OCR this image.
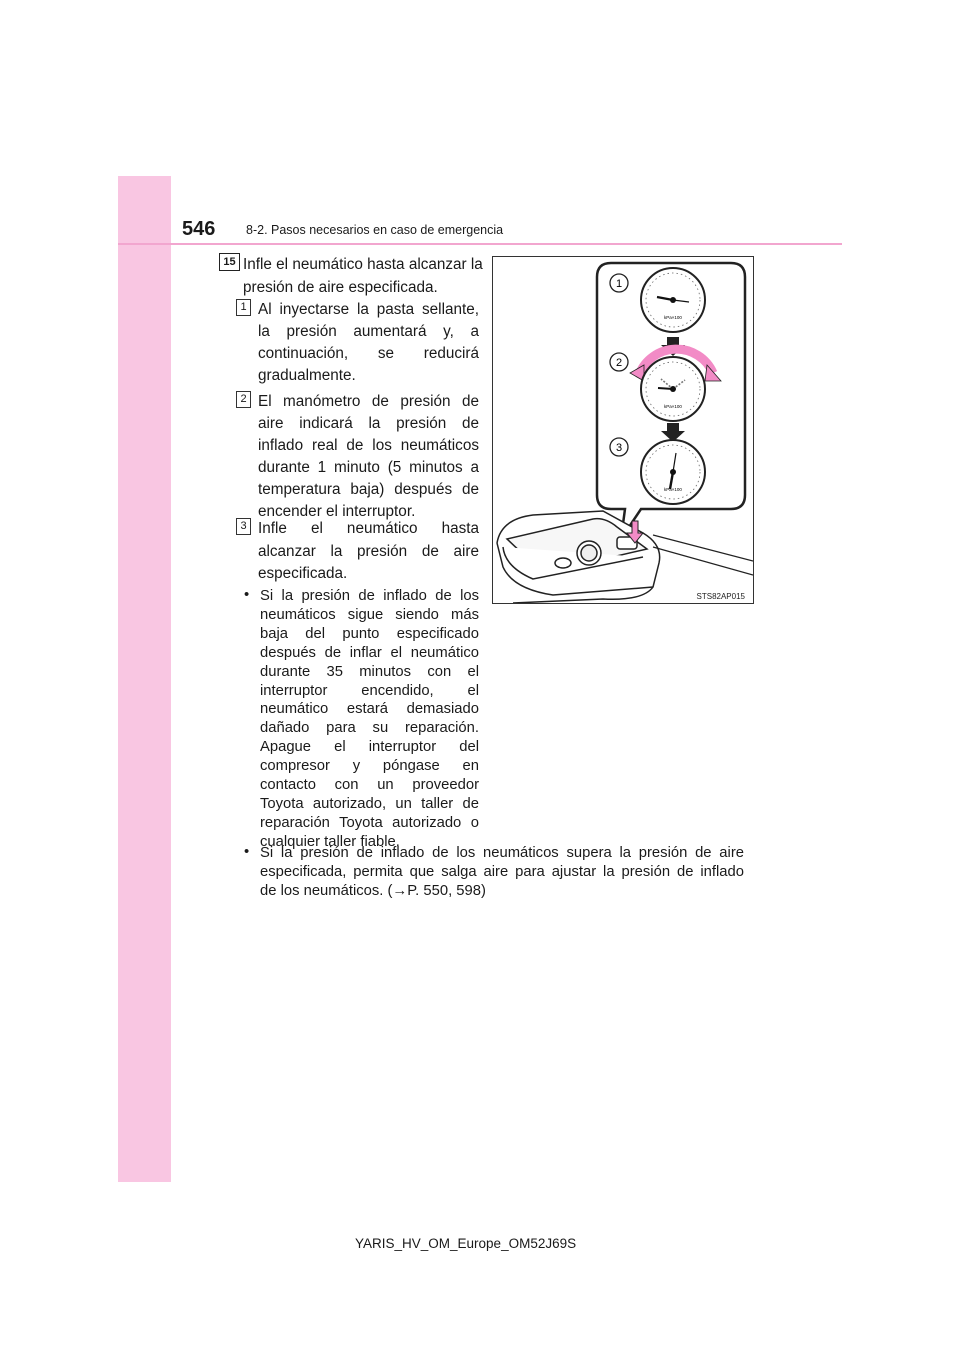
546 8-2. Pasos necesarios en caso de emergencia
15 Infle el neumático hasta alcanzar la
presión de aire especificada.
1 Al inyectarse la pasta sellante,
la presión aumentará y, a
continuación, se reducirá
gradualmente.
2 El manómetro de presión de
aire indicará la presión de
inflado real de los neumáticos
durante 1 minuto (5 minutos a
temperatura baja) después de
encender el interruptor.
3 Infle el neumático hasta
alcanzar la presión de aire
especificada.
• Si la presión de inflado de los
neumáticos sigue siendo más
baja del punto especificado
después de inflar el neumático
durante 35 minutos con el
interruptor encendido, el
neumático estará demasiado
dañado para su reparación.
Apague el interruptor del
compresor y póngase en
contacto con un proveedor
Toyota autorizado, un taller de
reparación Toyota autorizado o
cualquier taller fiable.
• Si la presión de inflado de los neumáticos supera la presión de aire
especificada, permita que salga aire para ajustar la presión de inflado
de los neumáticos. (→P. 550, 598)
kPa×100
kPa×100
kPa×100
1
2
3
STS82AP015
YARIS_HV_OM_Europe_OM52J69S
